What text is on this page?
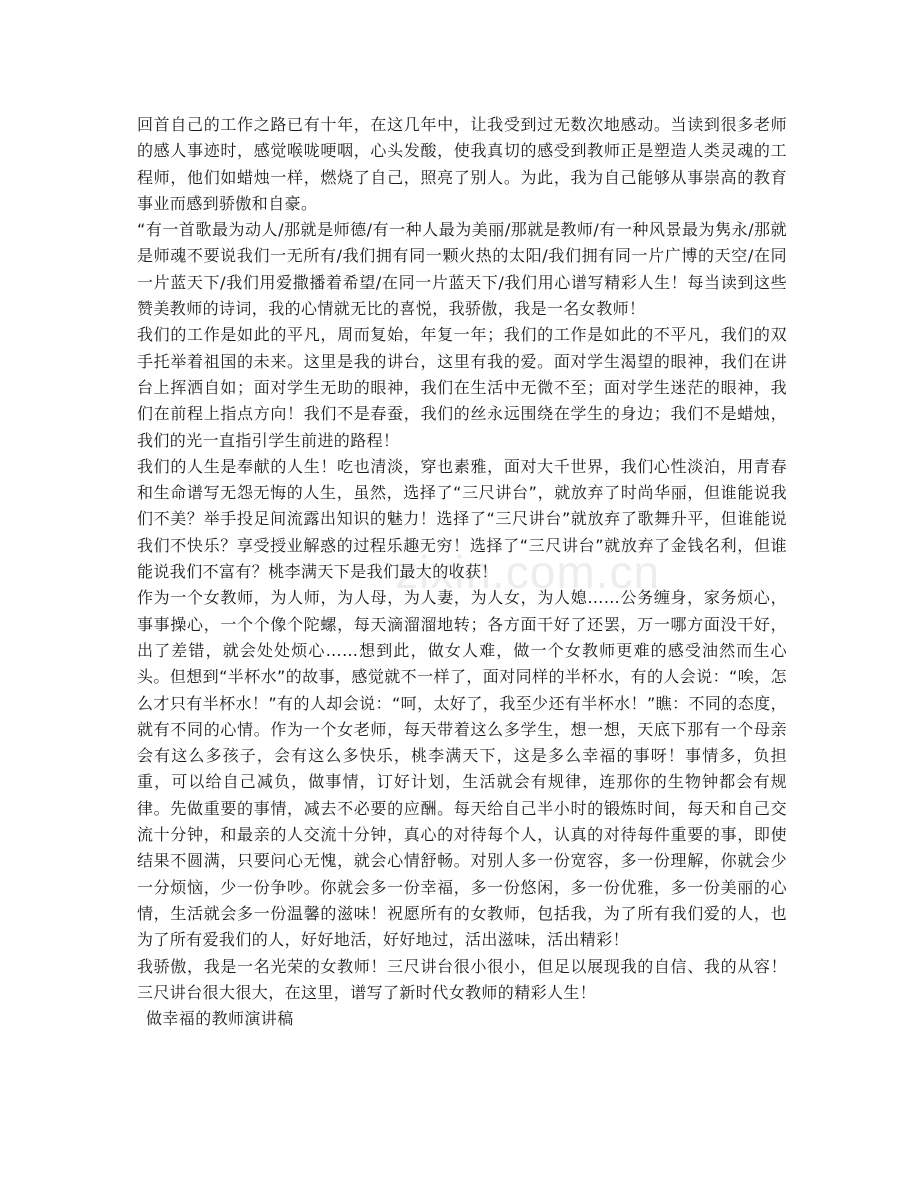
zixin.com.cn

回首自己的工作之路已有十年，在这几年中，让我受到过无数次地感动。当读到很多老师的感人事迹时，感觉喉咙哽咽，心头发酸，使我真切的感受到教师正是塑造人类灵魂的工程师，他们如蜡烛一样，燃烧了自己，照亮了别人。为此，我为自己能够从事崇高的教育事业而感到骄傲和自豪。

“有一首歌最为动人/那就是师德/有一种人最为美丽/那就是教师/有一种风景最为隽永/那就是师魂不要说我们一无所有/我们拥有同一颗火热的太阳/我们拥有同一片广博的天空/在同一片蓝天下/我们用爱撒播着希望/在同一片蓝天下/我们用心谱写精彩人生！每当读到这些赞美教师的诗词，我的心情就无比的喜悦，我骄傲，我是一名女教师！

我们的工作是如此的平凡，周而复始，年复一年；我们的工作是如此的不平凡，我们的双手托举着祖国的未来。这里是我的讲台，这里有我的爱。面对学生渴望的眼神，我们在讲台上挥洒自如；面对学生无助的眼神，我们在生活中无微不至；面对学生迷茫的眼神，我们在前程上指点方向！我们不是春蚕，我们的丝永远围绕在学生的身边；我们不是蜡烛，我们的光一直指引学生前进的路程！

我们的人生是奉献的人生！吃也清淡，穿也素雅，面对大千世界，我们心性淡泊，用青春和生命谱写无怨无悔的人生，虽然，选择了“三尺讲台”，就放弃了时尚华丽，但谁能说我们不美？举手投足间流露出知识的魅力！选择了“三尺讲台”就放弃了歌舞升平，但谁能说我们不快乐？享受授业解惑的过程乐趣无穷！选择了“三尺讲台”就放弃了金钱名利，但谁能说我们不富有？桃李满天下是我们最大的收获！

作为一个女教师，为人师，为人母，为人妻，为人女，为人媳……公务缠身，家务烦心，事事操心，一个个像个陀螺，每天滴溜溜地转；各方面干好了还罢，万一哪方面没干好，出了差错，就会处处烦心……想到此，做女人难，做一个女教师更难的感受油然而生心头。但想到“半杯水”的故事，感觉就不一样了，面对同样的半杯水，有的人会说：“唉，怎么才只有半杯水！”有的人却会说：“呵，太好了，我至少还有半杯水！”瞧：不同的态度，就有不同的心情。作为一个女老师，每天带着这么多学生，想一想，天底下那有一个母亲会有这么多孩子，会有这么多快乐，桃李满天下，这是多么幸福的事呀！事情多，负担重，可以给自己减负，做事情，订好计划，生活就会有规律，连那你的生物钟都会有规律。先做重要的事情，减去不必要的应酬。每天给自己半小时的锻炼时间，每天和自己交流十分钟，和最亲的人交流十分钟，真心的对待每个人，认真的对待每件重要的事，即使结果不圆满，只要问心无愧，就会心情舒畅。对别人多一份宽容，多一份理解，你就会少一分烦恼，少一份争吵。你就会多一份幸福，多一份悠闲，多一份优雅，多一份美丽的心情，生活就会多一份温馨的滋味！祝愿所有的女教师，包括我，为了所有我们爱的人，也为了所有爱我们的人，好好地活，好好地过，活出滋味，活出精彩！

我骄傲，我是一名光荣的女教师！三尺讲台很小很小，但足以展现我的自信、我的从容！三尺讲台很大很大，在这里，谱写了新时代女教师的精彩人生！

做幸福的教师演讲稿
